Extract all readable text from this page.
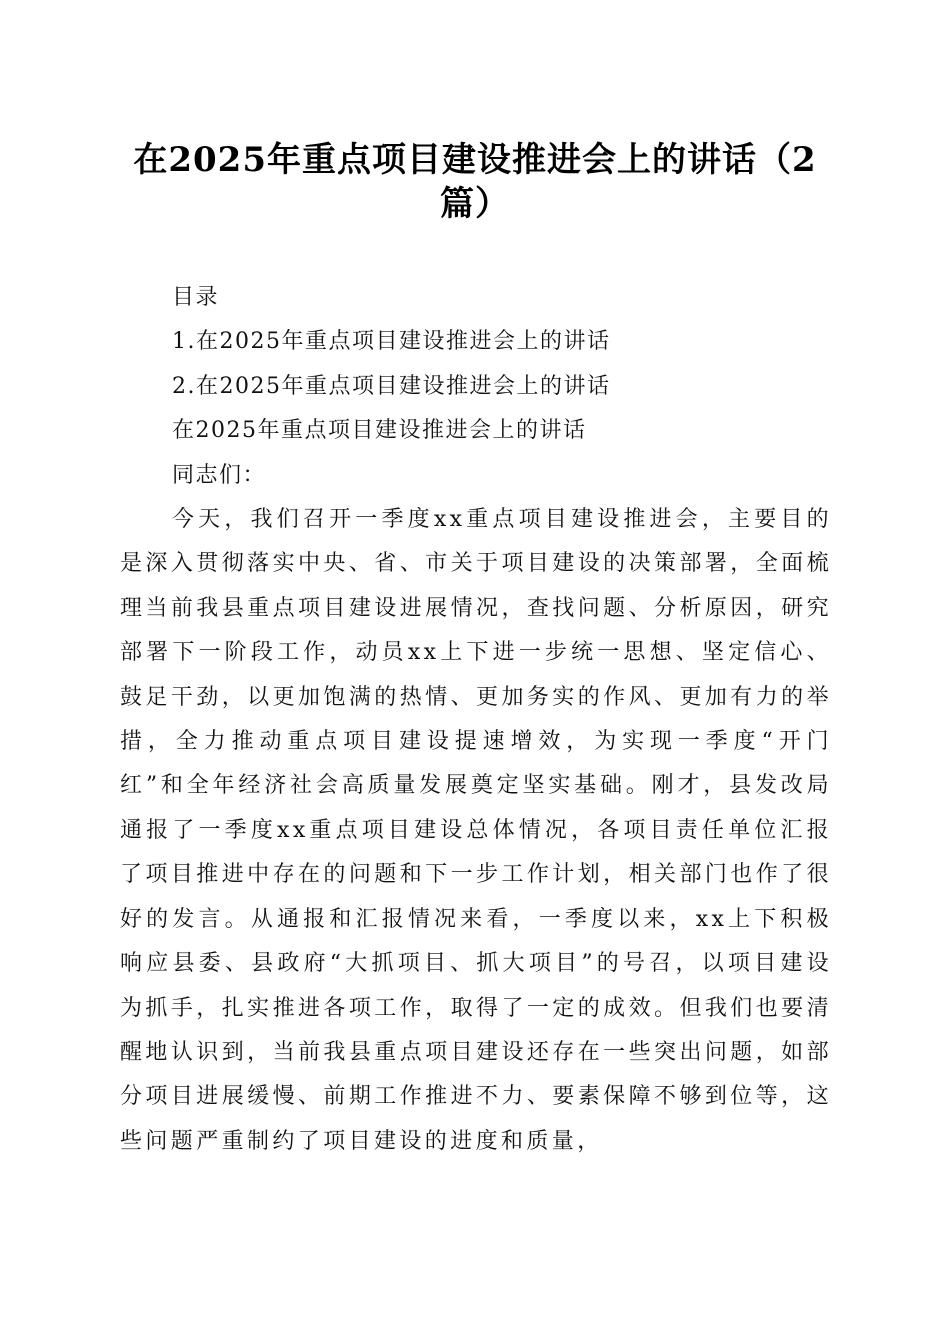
在2025年重点项目建设推进会上的讲话（2篇）

目录

1.在2025年重点项目建设推进会上的讲话

2.在2025年重点项目建设推进会上的讲话

在2025年重点项目建设推进会上的讲话

同志们：

今天，我们召开一季度xx重点项目建设推进会，主要目的是深入贯彻落实中央、省、市关于项目建设的决策部署，全面梳理当前我县重点项目建设进展情况，查找问题、分析原因，研究部署下一阶段工作，动员xx上下进一步统一思想、坚定信心、鼓足干劲，以更加饱满的热情、更加务实的作风、更加有力的举措，全力推动重点项目建设提速增效，为实现一季度“开门红”和全年经济社会高质量发展奠定坚实基础。刚才，县发改局通报了一季度xx重点项目建设总体情况，各项目责任单位汇报了项目推进中存在的问题和下一步工作计划，相关部门也作了很好的发言。从通报和汇报情况来看，一季度以来，xx上下积极响应县委、县政府“大抓项目、抓大项目”的号召，以项目建设为抓手，扎实推进各项工作，取得了一定的成效。但我们也要清醒地认识到，当前我县重点项目建设还存在一些突出问题，如部分项目进展缓慢、前期工作推进不力、要素保障不够到位等，这些问题严重制约了项目建设的进度和质量，
